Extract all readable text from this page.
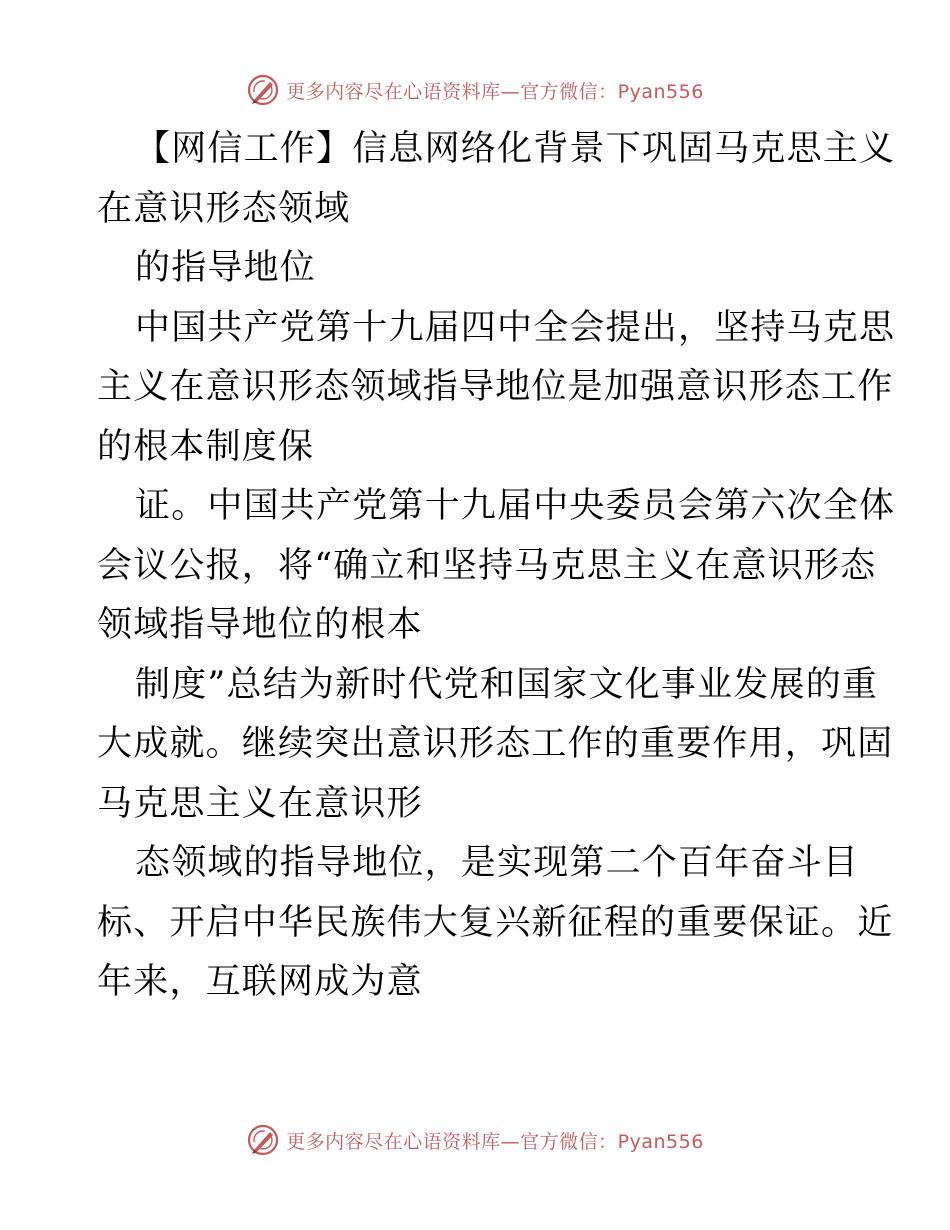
更多内容尽在心语资料库—官方微信：Pyan556

【网信工作】信息网络化背景下巩固马克思主义

在意识形态领域

的指导地位

中国共产党第十九届四中全会提出，坚持马克思

主义在意识形态领域指导地位是加强意识形态工作

的根本制度保

证。中国共产党第十九届中央委员会第六次全体

会议公报，将“确立和坚持马克思主义在意识形态

领域指导地位的根本

制度”总结为新时代党和国家文化事业发展的重

大成就。继续突出意识形态工作的重要作用，巩固

马克思主义在意识形

态领域的指导地位，是实现第二个百年奋斗目

标、开启中华民族伟大复兴新征程的重要保证。近

年来，互联网成为意

更多内容尽在心语资料库—官方微信：Pyan556
